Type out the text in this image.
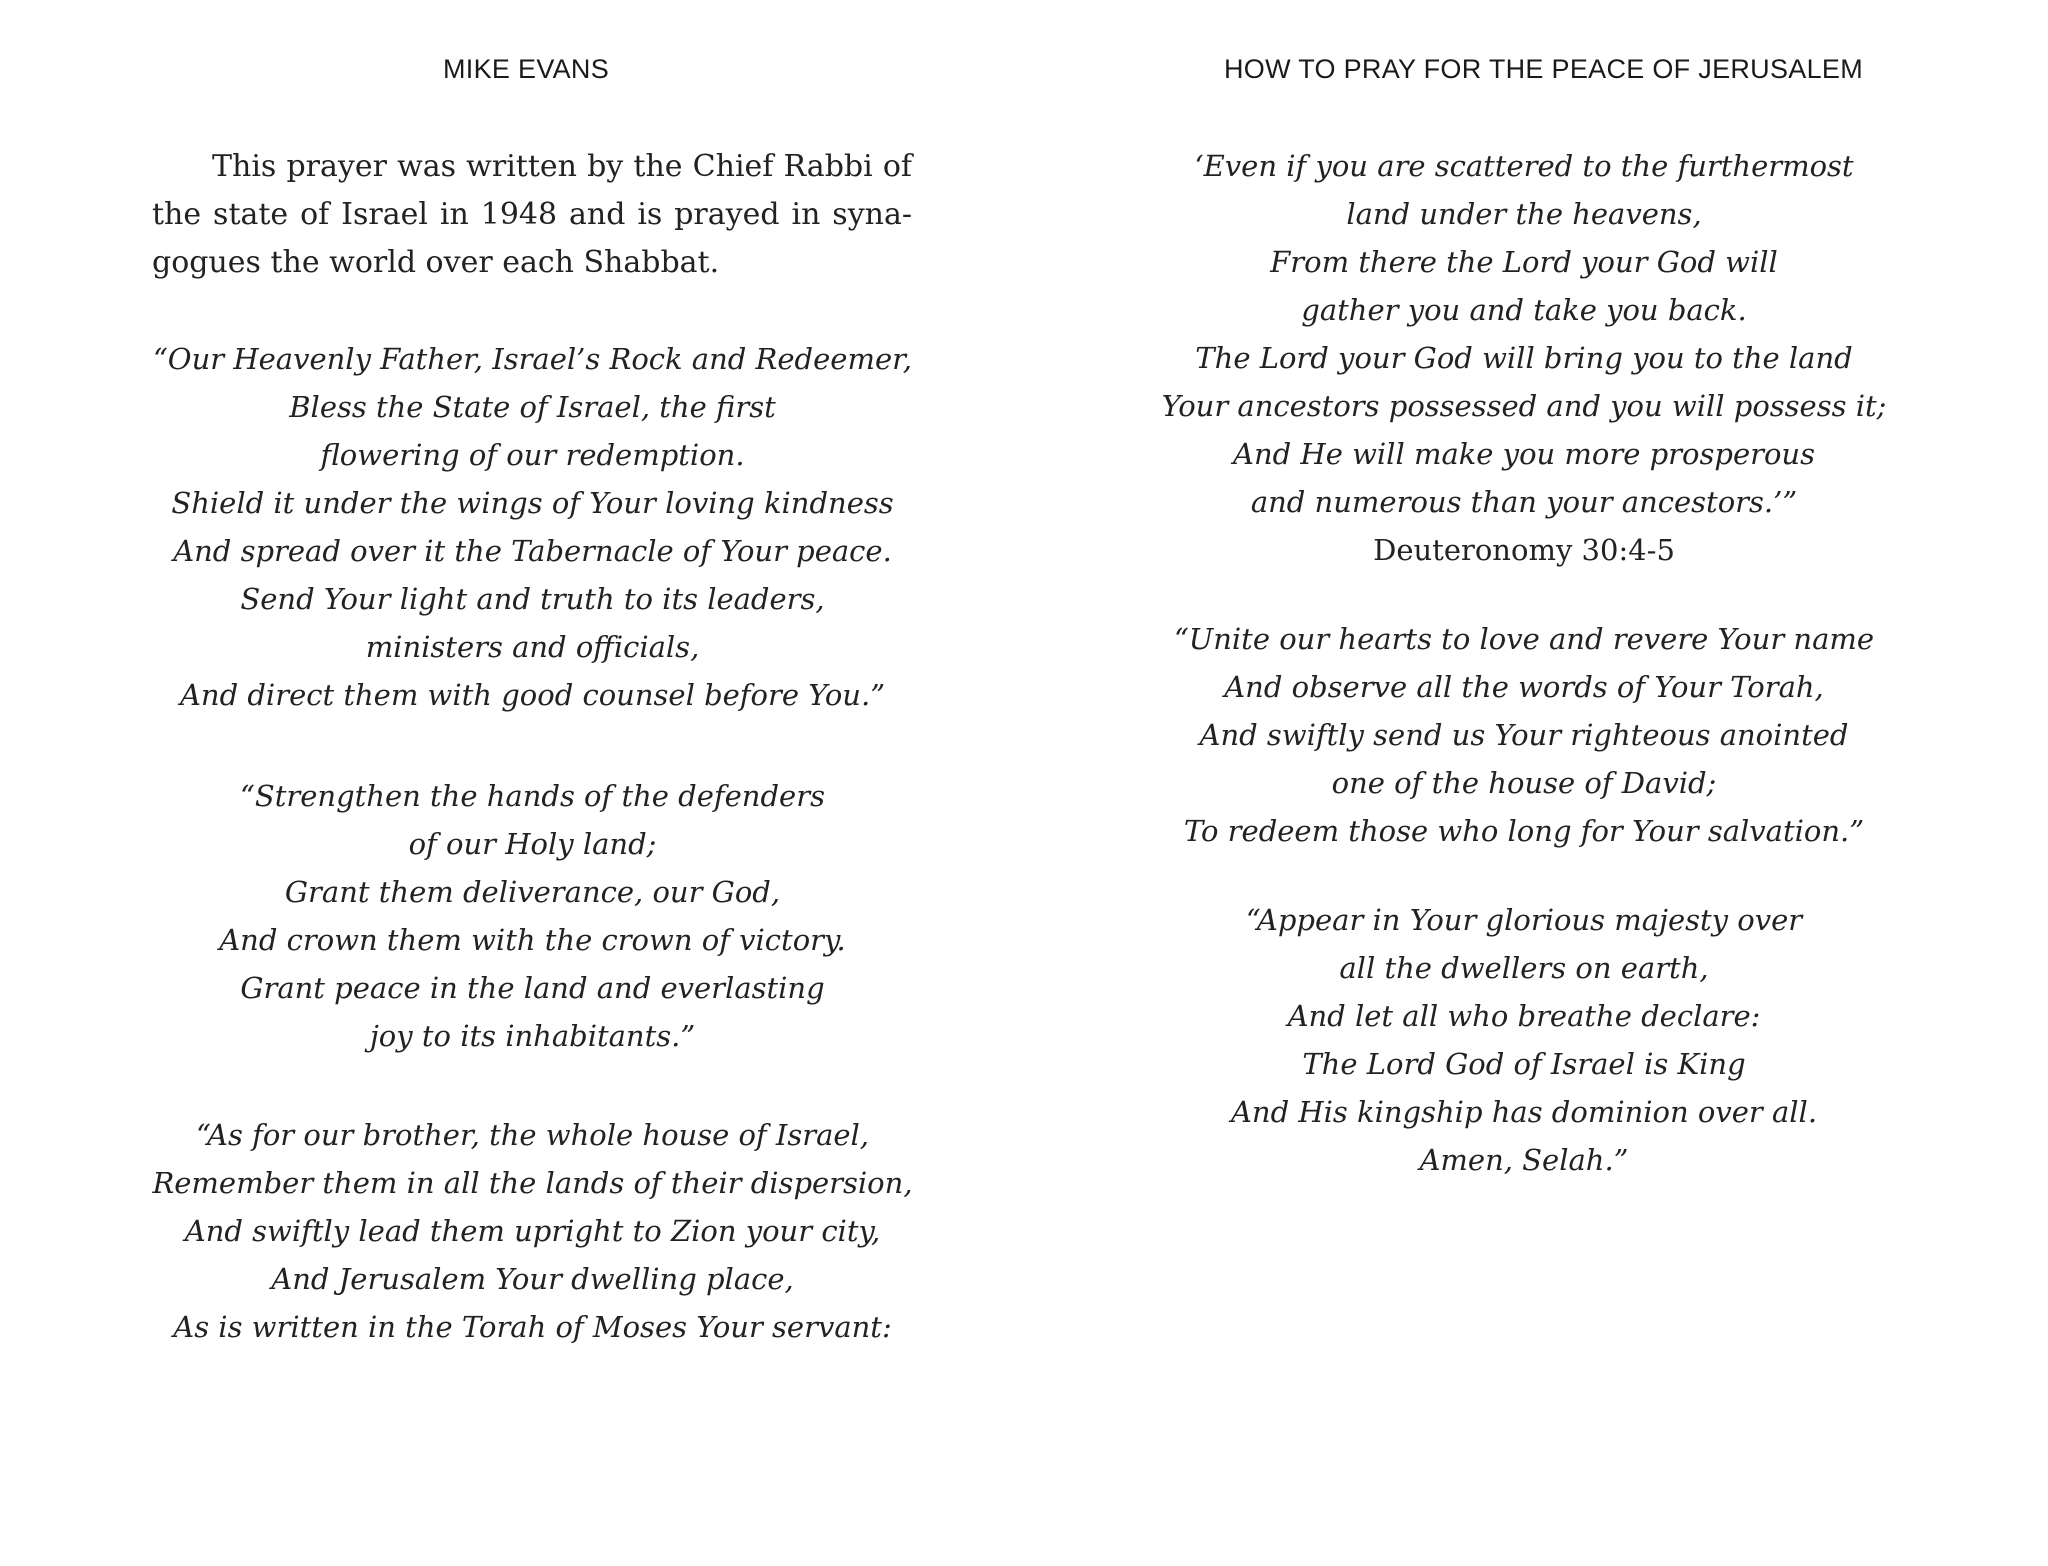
MIKE EVANS
This prayer was written by the Chief Rabbi of
the state of Israel in 1948 and is prayed in syna-
gogues the world over each Shabbat.
“Our Heavenly Father, Israel’s Rock and Redeemer,
Bless the State of Israel, the first
flowering of our redemption.
Shield it under the wings of Your loving kindness
And spread over it the Tabernacle of Your peace.
Send Your light and truth to its leaders,
ministers and officials,
And direct them with good counsel before You.”
“Strengthen the hands of the defenders
of our Holy land;
Grant them deliverance, our God,
And crown them with the crown of victory.
Grant peace in the land and everlasting
joy to its inhabitants.”
“As for our brother, the whole house of Israel,
Remember them in all the lands of their dispersion,
And swiftly lead them upright to Zion your city,
And Jerusalem Your dwelling place,
As is written in the Torah of Moses Your servant:
HOW TO PRAY FOR THE PEACE OF JERUSALEM
‘Even if you are scattered to the furthermost
land under the heavens,
From there the Lord your God will
gather you and take you back.
The Lord your God will bring you to the land
Your ancestors possessed and you will possess it;
And He will make you more prosperous
and numerous than your ancestors.’”
Deuteronomy 30:4-5
“Unite our hearts to love and revere Your name
And observe all the words of Your Torah,
And swiftly send us Your righteous anointed
one of the house of David;
To redeem those who long for Your salvation.”
“Appear in Your glorious majesty over
all the dwellers on earth,
And let all who breathe declare:
The Lord God of Israel is King
And His kingship has dominion over all.
Amen, Selah.”
